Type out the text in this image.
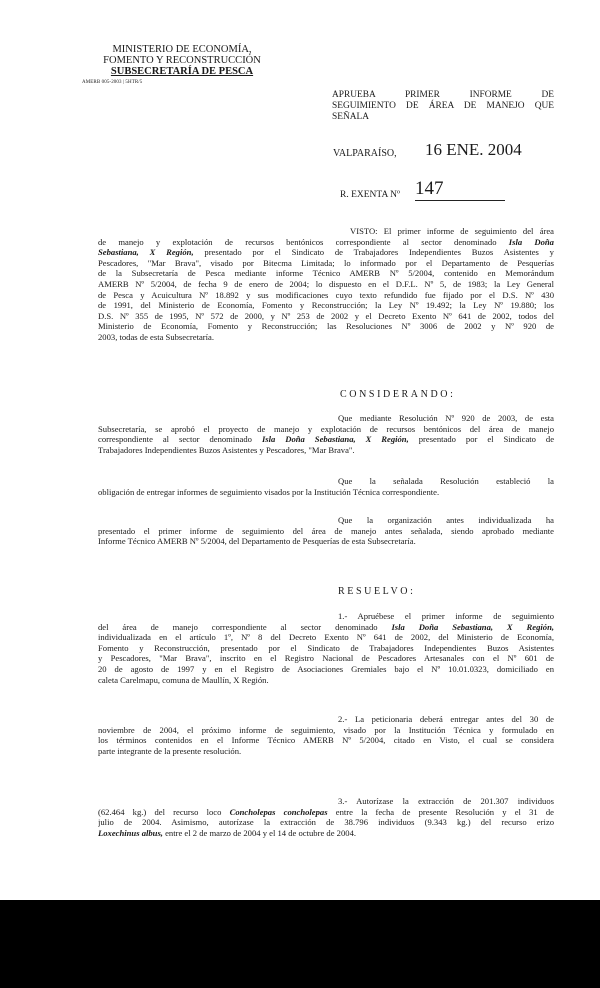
MINISTERIO DE ECONOMÍA,
FOMENTO Y RECONSTRUCCIÓN
SUBSECRETARÍA DE PESCA
AMERB 005-2003 | 5HTR/5
APRUEBA PRIMER INFORME DE
SEGUIMIENTO DE ÁREA DE MANEJO QUE
SEÑALA
VALPARAÍSO, 16 ENE. 2004
R. EXENTA Nº 147
VISTO: El primer informe de seguimiento del área
de manejo y explotación de recursos bentónicos correspondiente al sector denominado Isla Doña
Sebastiana, X Región, presentado por el Sindicato de Trabajadores Independientes Buzos Asistentes y
Pescadores, "Mar Brava", visado por Bitecma Limitada; lo informado por el Departamento de Pesquerías
de la Subsecretaría de Pesca mediante informe Técnico AMERB Nº 5/2004, contenido en Memorándum
AMERB Nº 5/2004, de fecha 9 de enero de 2004; lo dispuesto en el D.F.L. Nº 5, de 1983; la Ley General
de Pesca y Acuicultura Nº 18.892 y sus modificaciones cuyo texto refundido fue fijado por el D.S. Nº 430
de 1991, del Ministerio de Economía, Fomento y Reconstrucción; la Ley Nº 19.492; la Ley Nº 19.880; los
D.S. Nº 355 de 1995, Nº 572 de 2000, y Nº 253 de 2002 y el Decreto Exento Nº 641 de 2002, todos del
Ministerio de Economía, Fomento y Reconstrucción; las Resoluciones Nº 3006 de 2002 y Nº 920 de
2003, todas de esta Subsecretaría.
CONSIDERANDO:
Que mediante Resolución Nº 920 de 2003, de esta
Subsecretaría, se aprobó el proyecto de manejo y explotación de recursos bentónicos del área de manejo
correspondiente al sector denominado Isla Doña Sebastiana, X Región, presentado por el Sindicato de
Trabajadores Independientes Buzos Asistentes y Pescadores, "Mar Brava".
Que la señalada Resolución estableció la
obligación de entregar informes de seguimiento visados por la Institución Técnica correspondiente.
Que la organización antes individualizada ha
presentado el primer informe de seguimiento del área de manejo antes señalada, siendo aprobado mediante
Informe Técnico AMERB Nº 5/2004, del Departamento de Pesquerías de esta Subsecretaría.
RESUELVO:
1.- Apruébese el primer informe de seguimiento
del área de manejo correspondiente al sector denominado Isla Doña Sebastiana, X Región,
individualizada en el artículo 1º, Nº 8 del Decreto Exento Nº 641 de 2002, del Ministerio de Economía,
Fomento y Reconstrucción, presentado por el Sindicato de Trabajadores Independientes Buzos Asistentes
y Pescadores, "Mar Brava", inscrito en el Registro Nacional de Pescadores Artesanales con el Nº 601 de
20 de agosto de 1997 y en el Registro de Asociaciones Gremiales bajo el Nº 10.01.0323, domiciliado en
caleta Carelmapu, comuna de Maullín, X Región.
2.- La peticionaria deberá entregar antes del 30 de
noviembre de 2004, el próximo informe de seguimiento, visado por la Institución Técnica y formulado en
los términos contenidos en el Informe Técnico AMERB Nº 5/2004, citado en Visto, el cual se considera
parte integrante de la presente resolución.
3.- Autorízase la extracción de 201.307 individuos
(62.464 kg.) del recurso loco Concholepas concholepas entre la fecha de presente Resolución y el 31 de
julio de 2004. Asimismo, autorízase la extracción de 38.796 individuos (9.343 kg.) del recurso erizo
Loxechinus albus, entre el 2 de marzo de 2004 y el 14 de octubre de 2004.
